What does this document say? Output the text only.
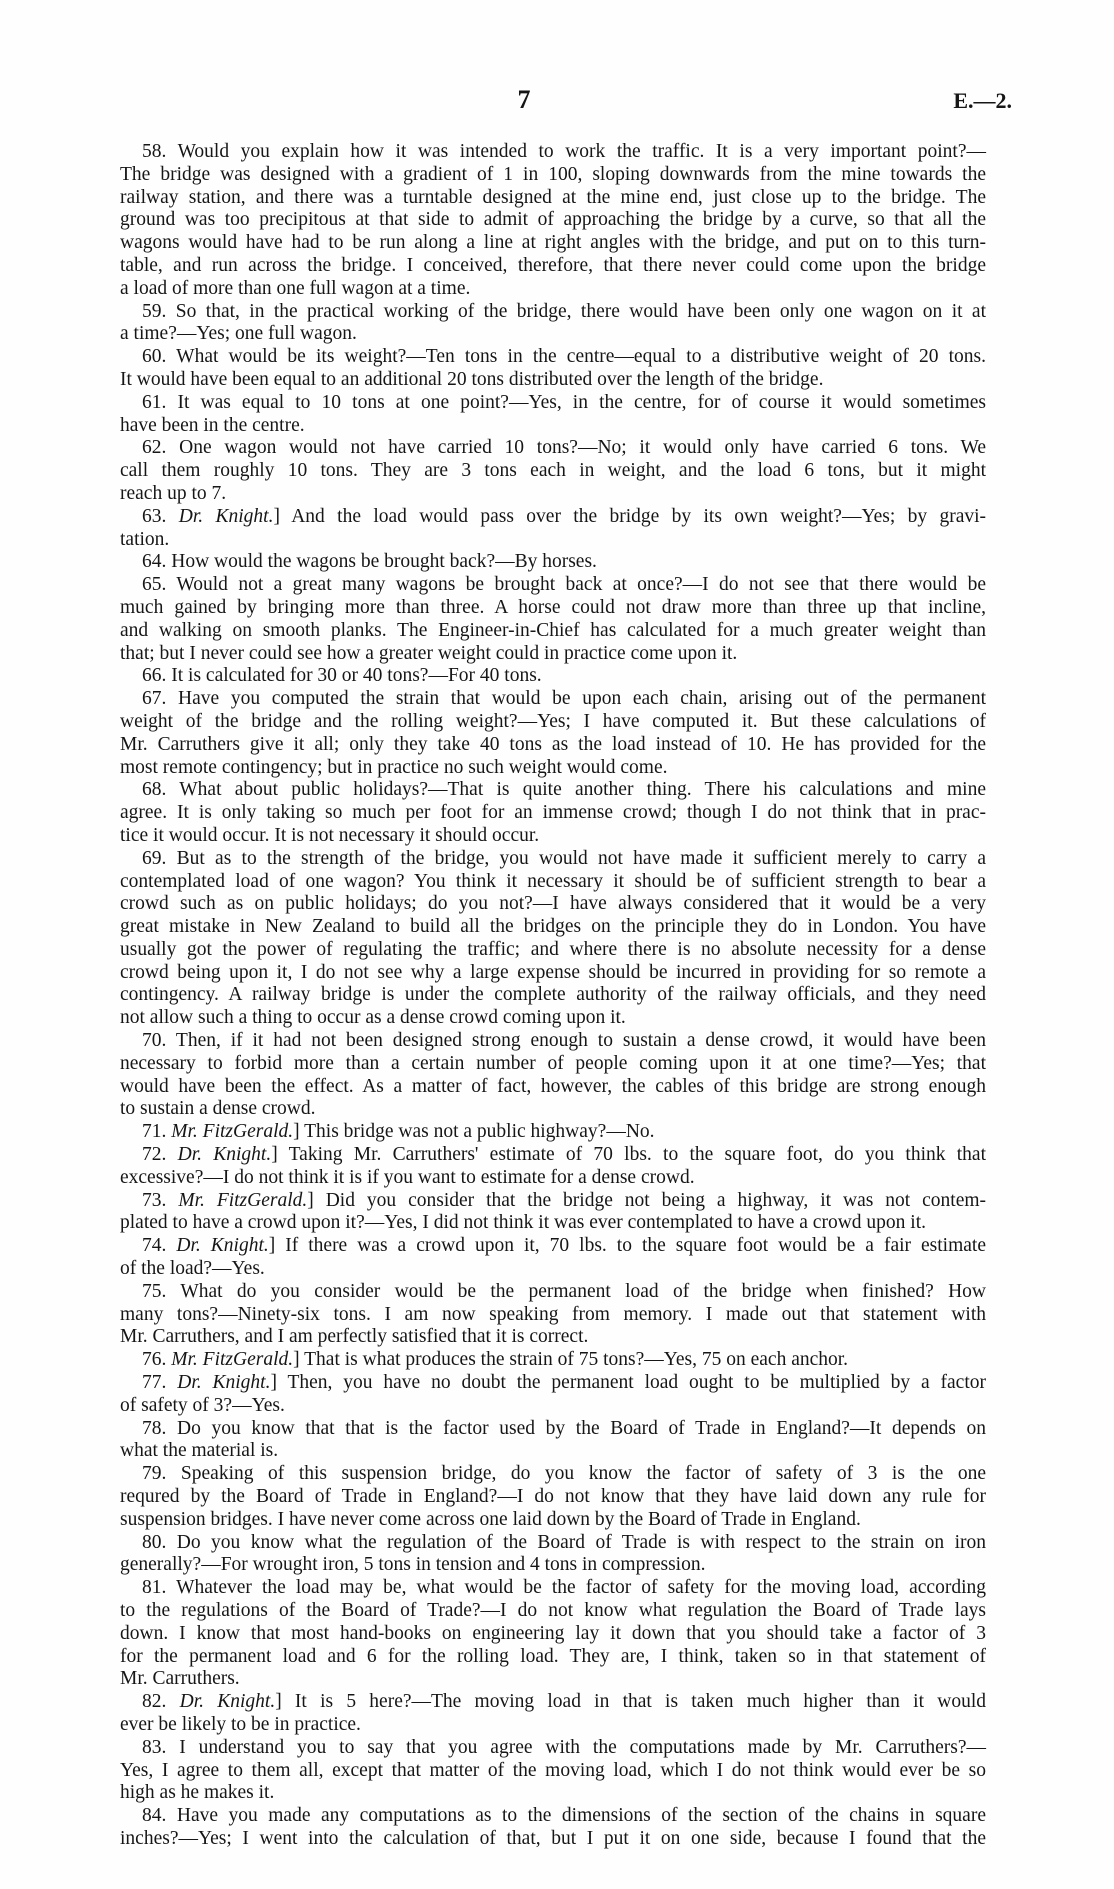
7	E.—2.
58. Would you explain how it was intended to work the traffic. It is a very important point?—
The bridge was designed with a gradient of 1 in 100, sloping downwards from the mine towards the
railway station, and there was a turntable designed at the mine end, just close up to the bridge. The
ground was too precipitous at that side to admit of approaching the bridge by a curve, so that all the
wagons would have had to be run along a line at right angles with the bridge, and put on to this turn-
table, and run across the bridge. I conceived, therefore, that there never could come upon the bridge
a load of more than one full wagon at a time.
59. So that, in the practical working of the bridge, there would have been only one wagon on it at
a time?—Yes; one full wagon.
60. What would be its weight?—Ten tons in the centre—equal to a distributive weight of 20 tons.
It would have been equal to an additional 20 tons distributed over the length of the bridge.
61. It was equal to 10 tons at one point?—Yes, in the centre, for of course it would sometimes
have been in the centre.
62. One wagon would not have carried 10 tons?—No; it would only have carried 6 tons. We
call them roughly 10 tons. They are 3 tons each in weight, and the load 6 tons, but it might
reach up to 7.
63. Dr. Knight.] And the load would pass over the bridge by its own weight?—Yes; by gravi-
tation.
64. How would the wagons be brought back?—By horses.
65. Would not a great many wagons be brought back at once?—I do not see that there would be
much gained by bringing more than three. A horse could not draw more than three up that incline,
and walking on smooth planks. The Engineer-in-Chief has calculated for a much greater weight than
that; but I never could see how a greater weight could in practice come upon it.
66. It is calculated for 30 or 40 tons?—For 40 tons.
67. Have you computed the strain that would be upon each chain, arising out of the permanent
weight of the bridge and the rolling weight?—Yes; I have computed it. But these calculations of
Mr. Carruthers give it all; only they take 40 tons as the load instead of 10. He has provided for the
most remote contingency; but in practice no such weight would come.
68. What about public holidays?—That is quite another thing. There his calculations and mine
agree. It is only taking so much per foot for an immense crowd; though I do not think that in prac-
tice it would occur. It is not necessary it should occur.
69. But as to the strength of the bridge, you would not have made it sufficient merely to carry a
contemplated load of one wagon? You think it necessary it should be of sufficient strength to bear a
crowd such as on public holidays; do you not?—I have always considered that it would be a very
great mistake in New Zealand to build all the bridges on the principle they do in London. You have
usually got the power of regulating the traffic; and where there is no absolute necessity for a dense
crowd being upon it, I do not see why a large expense should be incurred in providing for so remote a
contingency. A railway bridge is under the complete authority of the railway officials, and they need
not allow such a thing to occur as a dense crowd coming upon it.
70. Then, if it had not been designed strong enough to sustain a dense crowd, it would have been
necessary to forbid more than a certain number of people coming upon it at one time?—Yes; that
would have been the effect. As a matter of fact, however, the cables of this bridge are strong enough
to sustain a dense crowd.
71. Mr. FitzGerald.] This bridge was not a public highway?—No.
72. Dr. Knight.] Taking Mr. Carruthers' estimate of 70 lbs. to the square foot, do you think that
excessive?—I do not think it is if you want to estimate for a dense crowd.
73. Mr. FitzGerald.] Did you consider that the bridge not being a highway, it was not contem-
plated to have a crowd upon it?—Yes, I did not think it was ever contemplated to have a crowd upon it.
74. Dr. Knight.] If there was a crowd upon it, 70 lbs. to the square foot would be a fair estimate
of the load?—Yes.
75. What do you consider would be the permanent load of the bridge when finished? How
many tons?—Ninety-six tons. I am now speaking from memory. I made out that statement with
Mr. Carruthers, and I am perfectly satisfied that it is correct.
76. Mr. FitzGerald.] That is what produces the strain of 75 tons?—Yes, 75 on each anchor.
77. Dr. Knight.] Then, you have no doubt the permanent load ought to be multiplied by a factor
of safety of 3?—Yes.
78. Do you know that that is the factor used by the Board of Trade in England?—It depends on
what the material is.
79. Speaking of this suspension bridge, do you know the factor of safety of 3 is the one
requred by the Board of Trade in England?—I do not know that they have laid down any rule for
suspension bridges. I have never come across one laid down by the Board of Trade in England.
80. Do you know what the regulation of the Board of Trade is with respect to the strain on iron
generally?—For wrought iron, 5 tons in tension and 4 tons in compression.
81. Whatever the load may be, what would be the factor of safety for the moving load, according
to the regulations of the Board of Trade?—I do not know what regulation the Board of Trade lays
down. I know that most hand-books on engineering lay it down that you should take a factor of 3
for the permanent load and 6 for the rolling load. They are, I think, taken so in that statement of
Mr. Carruthers.
82. Dr. Knight.] It is 5 here?—The moving load in that is taken much higher than it would
ever be likely to be in practice.
83. I understand you to say that you agree with the computations made by Mr. Carruthers?—
Yes, I agree to them all, except that matter of the moving load, which I do not think would ever be so
high as he makes it.
84. Have you made any computations as to the dimensions of the section of the chains in square
inches?—Yes; I went into the calculation of that, but I put it on one side, because I found that the
